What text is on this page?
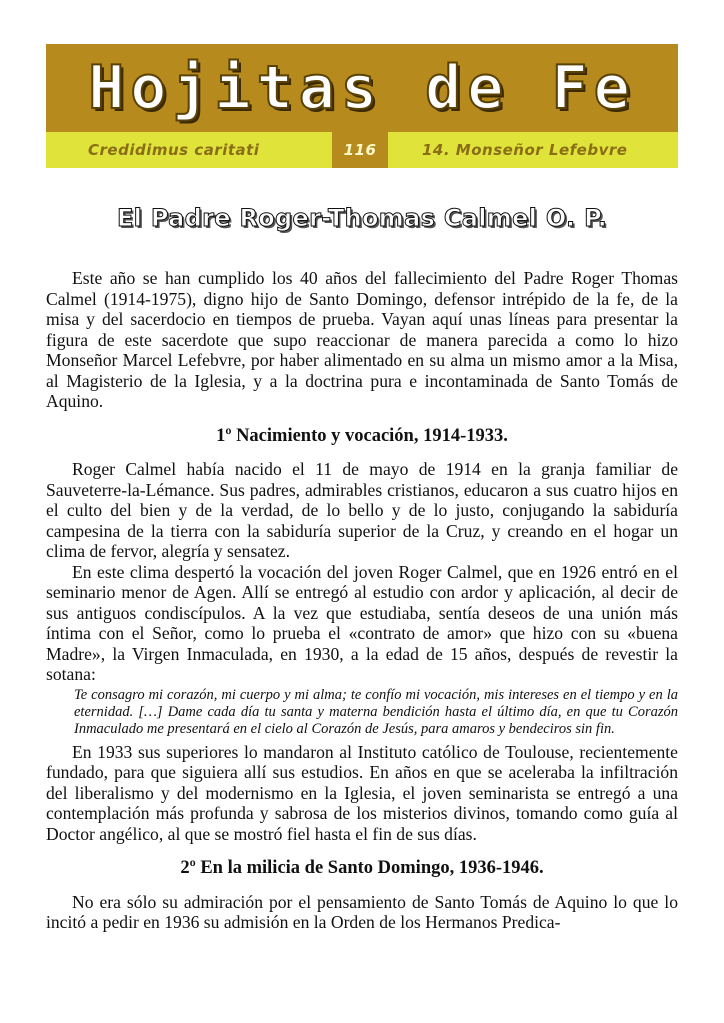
Hojitas de Fe
Credidimus caritati	116	14. Monseñor Lefebvre
El Padre Roger-Thomas Calmel O. P.

Este año se han cumplido los 40 años del fallecimiento del Padre Roger Thomas Calmel (1914-1975), digno hijo de Santo Domingo, defensor intrépido de la fe, de la misa y del sacerdocio en tiempos de prueba. Vayan aquí unas líneas para presentar la figura de este sacerdote que supo reaccionar de manera parecida a como lo hizo Monseñor Marcel Lefebvre, por haber alimentado en su alma un mismo amor a la Misa, al Magisterio de la Iglesia, y a la doctrina pura e incontaminada de Santo Tomás de Aquino.

1º Nacimiento y vocación, 1914-1933.

Roger Calmel había nacido el 11 de mayo de 1914 en la granja familiar de Sauveterre-la-Lémance. Sus padres, admirables cristianos, educaron a sus cuatro hijos en el culto del bien y de la verdad, de lo bello y de lo justo, conjugando la sabiduría campesina de la tierra con la sabiduría superior de la Cruz, y creando en el hogar un clima de fervor, alegría y sensatez.

En este clima despertó la vocación del joven Roger Calmel, que en 1926 entró en el seminario menor de Agen. Allí se entregó al estudio con ardor y aplicación, al decir de sus antiguos condiscípulos. A la vez que estudiaba, sentía deseos de una unión más íntima con el Señor, como lo prueba el «contrato de amor» que hizo con su «buena Madre», la Virgen Inmaculada, en 1930, a la edad de 15 años, después de revestir la sotana:

Te consagro mi corazón, mi cuerpo y mi alma; te confío mi vocación, mis intereses en el tiempo y en la eternidad. […] Dame cada día tu santa y materna bendición hasta el último día, en que tu Corazón Inmaculado me presentará en el cielo al Corazón de Jesús, para amaros y bendeciros sin fin.

En 1933 sus superiores lo mandaron al Instituto católico de Toulouse, recientemente fundado, para que siguiera allí sus estudios. En años en que se aceleraba la infiltración del liberalismo y del modernismo en la Iglesia, el joven seminarista se entregó a una contemplación más profunda y sabrosa de los misterios divinos, tomando como guía al Doctor angélico, al que se mostró fiel hasta el fin de sus días.

2º En la milicia de Santo Domingo, 1936-1946.

No era sólo su admiración por el pensamiento de Santo Tomás de Aquino lo que lo incitó a pedir en 1936 su admisión en la Orden de los Hermanos Predica-
